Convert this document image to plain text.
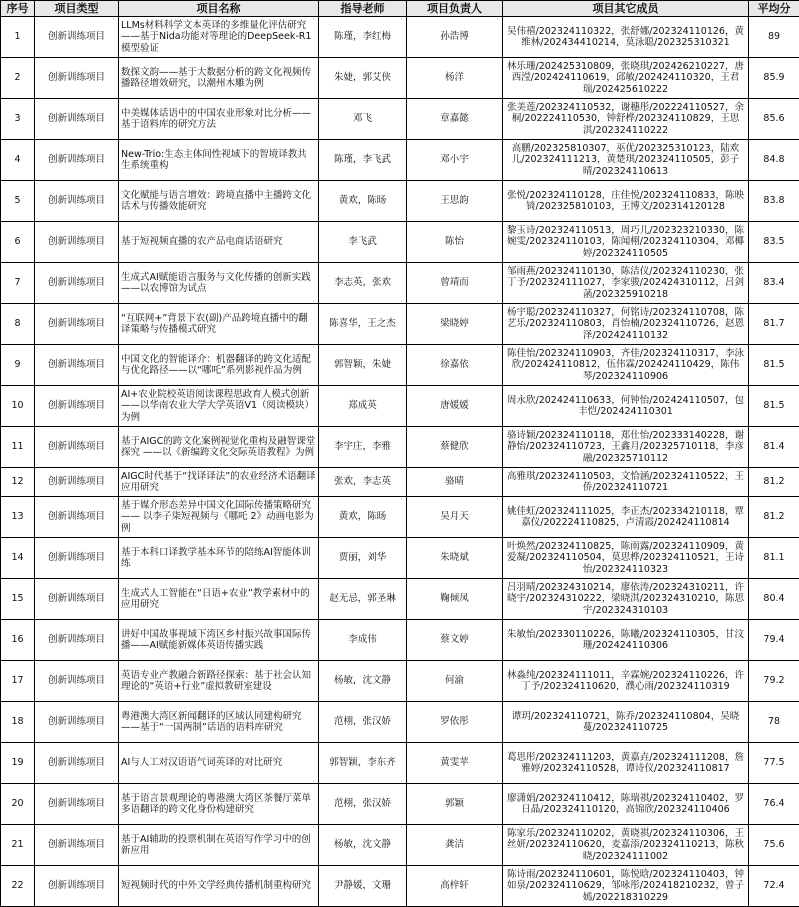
序号	项目类型	项目名称	指导老师	项目负责人	项目其它成员	平均分
1	创新训练项目	LLMs材料科学文本英译的多维量化评估研究——基于Nida功能对等理论的DeepSeek-R1模型验证	陈瑾，李红梅	孙浩博	吴伟禧/202324110322，张舒娜/202324110126，黄维林/202434410214，莫泳聪/202325310321	89
2	创新训练项目	数探文韵——基于大数据分析的跨文化视频传播路径增效研究，以潮州木雕为例	朱婕，郭艾侠	杨洋	林乐珊/202425310809，张晓琪/202426210227，唐西滢/202424110619，邱敏/202424110320，王君瑞/202425610222	85.9
3	创新训练项目	中美媒体话语中的中国农业形象对比分析——基于语料库的研究方法	邓飞	章嘉懿	张美莲/202324110532，谢穗彤/202224110527，余桐/202224110530，钟舒桦/202324110829，王思淇/202324110222	85.6
4	创新训练项目	New-Trio:生态主体间性视域下的智境译教共生系统重构	陈瑾，李飞武	邓小宇	高鹏/202325810307，巫优/202325310123，陆欢儿/202324111213，黄楚琪/202324110505，彭子晴/202324110613	84.8
5	创新训练项目	文化赋能与语言增效：跨境直播中主播跨文化话术与传播效能研究	黄欢，陈旸	王思韵	张悦/202324110128，庄佳悦/202324110833，陈映锜/202325810103，王博文/202314120128	83.8
6	创新训练项目	基于短视频直播的农产品电商话语研究	李飞武	陈怡	黎玉诗/202324110513，周巧儿/202323210330，陈婉雯/202324110103，陈闻栩/202324110304，邓椰婷/202324110505	83.5
7	创新训练项目	生成式AI赋能语言服务与文化传播的创新实践——以农博馆为试点	李志英，张欢	曾靖而	邹雨燕/202324110130，陈洁仪/202324110230，张丁予/202324111027，李家骏/202424310112，吕剑菡/202325910218	83.4
8	创新训练项目	“互联网+”背景下农(副)产品跨境直播中的翻译策略与传播模式研究	陈喜华，王之杰	梁晓婷	杨宇聪/202324110327，何铭诗/202324110708，陈艺乐/202324110803，肖怡楠/202324110726，赵恩泽/202424110132	81.7
9	创新训练项目	中国文化的智能译介：机器翻译的跨文化适配与优化路径——以“哪吒”系列影视作品为例	郭智颖，朱婕	徐嘉依	陈佳怡/202324110903，齐佳/202324110317，李泳欣/202424110812，伍伟霖/202424110429，陈伟琴/202324110906	81.5
10	创新训练项目	AI+农业院校英语阅读课程思政育人模式创新——以华南农业大学大学英语V1（阅读模块）为例	郑成英	唐媛媛	周永欣/202424110633，何钟怡/202424110507，包丰恺/202424110301	81.5
11	创新训练项目	基于AIGC的跨文化案例视觉化重构及融智课堂探究 ——以《新编跨文化交际英语教程》为例	李宇庄，李雅	蔡健欣	骆诗颖/202324110118，郑仕怡/202333140228，谢静怡/202324110723，王鑫月/202325710118，李彦融/202325710112	81.4
12	创新训练项目	AIGC时代基于“找译译法”的农业经济术语翻译应用研究	张欢，李志英	骆晴	高雅琪/202324110503，文恰涵/202324110522，王侨/202324110721	81.2
13	创新训练项目	基于媒介形态差异中国文化国际传播策略研究 —— 以李子柒短视频与《哪吒 2》动画电影为例	黄欢，陈旸	吴月天	姚佳虹/202324111025，李正杰/202334210118，覃嘉仪/202224110825，卢清霞/202424110814	81.2
14	创新训练项目	基于本科口译教学基本环节的陪练AI智能体训练	贾丽，刘华	朱晓斌	叶焕然/202324110825，陈雨露/202324110909，黄爱凝/202324110504，莫思桦/202324110521，王诗怡/202324110323	81.1
15	创新训练项目	生成式人工智能在“日语+农业”教学素材中的应用研究	赵无忌，郭圣琳	鞠倾凤	吕羽晴/202324310214，廖依涛/202324310211，许晓宇/202324310222，梁晓淇/202324310210，陈思宇/202324310103	80.4
16	创新训练项目	讲好中国故事视域下湾区乡村振兴故事国际传播——AI赋能新媒体英语传播实践	李成伟	蔡文婷	朱敏怡/202330110226，陈曦/202324110305，甘汶珊/202424110306	79.4
17	创新训练项目	英语专业产教融合新路径探索：基于社会认知理论的“英语+行业”虚拟教研室建设	杨敏，沈文静	何渝	林淼纯/202324111011，辛霖婉/202324110226，许丁予/202324110620，濮心雨/202324110319	79.2
18	创新训练项目	粤港澳大湾区新闻翻译的区域认同建构研究——基于“一国两制”话语的语料库研究	范栩，张汉娇	罗依彤	谭玥/202324110721，陈乔/202324110804，吴晓蔓/202324110725	78
19	创新训练项目	AI与人工对汉语语气词英译的对比研究	郭智颖，李东齐	黄雯苹	葛思彤/202324111203，黄嘉垚/202324111208，詹雅婷/202324110528，谭诗仪/202324110817	77.5
20	创新训练项目	基于语言景观理论的粤港澳大湾区茶餐厅菜单多语翻译的跨文化身份构建研究	范栩，张汉娇	郭颖	廖潇娟/202324110412，陈瑞祺/202324110402，罗日晶/202324110120，高锦欣/202324110406	76.4
21	创新训练项目	基于AI辅助的投票机制在英语写作学习中的创新应用	杨敏，沈文静	龚洁	陈家乐/202324110202，黄晓祺/202324110306，王丝妍/202324110620，麦嘉添/202324110213，陈秋晓/202324111002	75.6
22	创新训练项目	短视频时代的中外文学经典传播机制重构研究	尹静媛，文珊	高梓轩	陈诗雨/202324110601，陈悦晗/202324110403，钟如泉/202324110629，邹咏彤/202418210232，曾子嫣/202218310229	72.4
